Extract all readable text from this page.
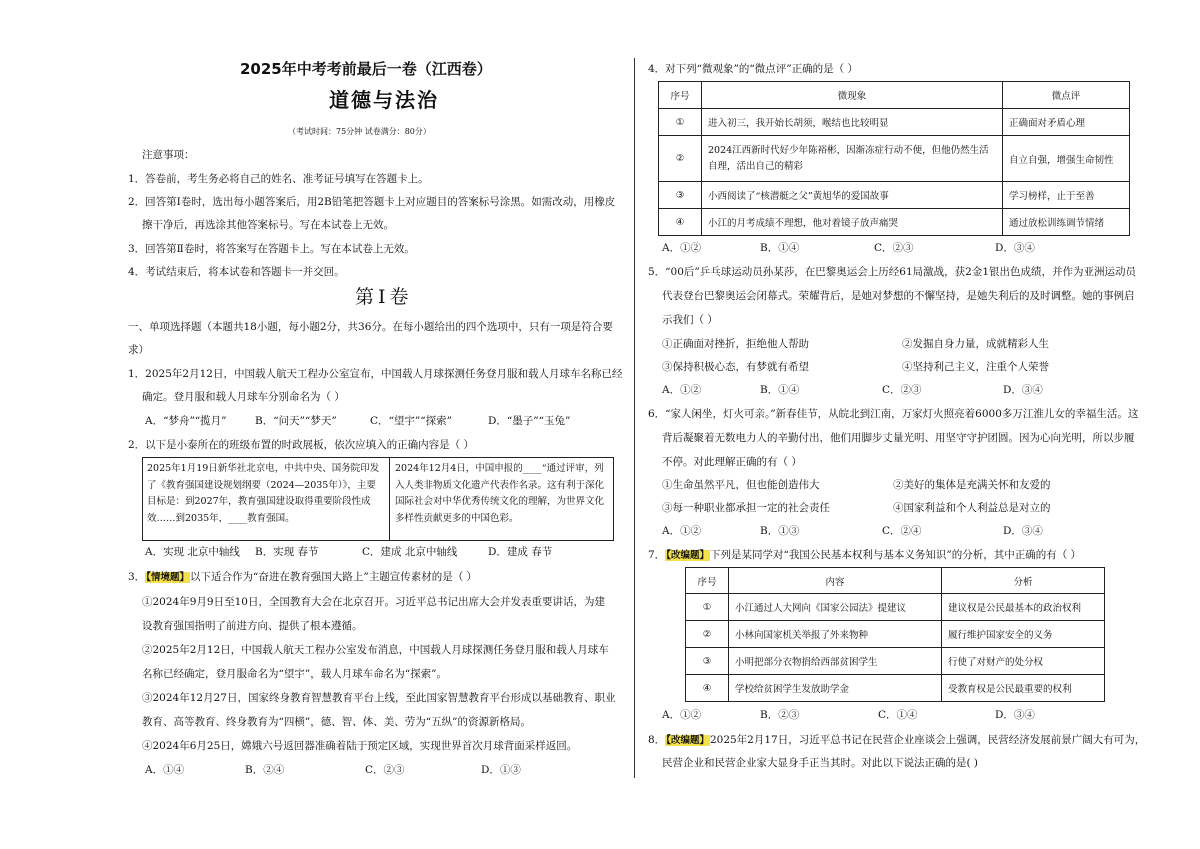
2025年中考考前最后一卷（江西卷）
道德与法治
（考试时间：75分钟 试卷满分：80分）
注意事项：
1．答卷前，考生务必将自己的姓名、准考证号填写在答题卡上。
2．回答第Ⅰ卷时，选出每小题答案后，用2B铅笔把答题卡上对应题目的答案标号涂黑。如需改动，用橡皮
擦干净后，再选涂其他答案标号。写在本试卷上无效。
3．回答第Ⅱ卷时，将答案写在答题卡上。写在本试卷上无效。
4．考试结束后，将本试卷和答题卡一并交回。
第Ⅰ卷
一、单项选择题（本题共18小题，每小题2分，共36分。在每小题给出的四个选项中，只有一项是符合要
求）
1．2025年2月12日，中国载人航天工程办公室宣布，中国载人月球探测任务登月服和载人月球车名称已经
确定。登月服和载人月球车分别命名为（ ）
A．“梦舟”“揽月”	B．“问天”“梦天”	C．“望宇”“探索”	D．“墨子”“玉兔”
2．以下是小泰所在的班级布置的时政展板，依次应填入的正确内容是（ ）
2025年1月19日新华社北京电，中共中央、国务院印发了《教育强国建设规划纲要（2024—2035年）》，主要目标是：到2027年，教育强国建设取得重要阶段性成效……到2035年，____教育强国。
2024年12月4日，中国申报的____“通过评审，列入人类非物质文化遗产代表作名录。这有利于深化国际社会对中华优秀传统文化的理解，为世界文化多样性贡献更多的中国色彩。
A．实现 北京中轴线 B．实现 春节	C．建成 北京中轴线	D．建成 春节
3．【情境题】以下适合作为“奋进在教育强国大路上”主题宣传素材的是（ ）
①2024年9月9日至10日，全国教育大会在北京召开。习近平总书记出席大会并发表重要讲话，为建
设教育强国指明了前进方向、提供了根本遵循。
②2025年2月12日，中国载人航天工程办公室发布消息，中国载人月球探测任务登月服和载人月球车
名称已经确定，登月服命名为“望宇”，载人月球车命名为“探索”。
③2024年12月27日，国家终身教育智慧教育平台上线，至此国家智慧教育平台形成以基础教育、职业
教育、高等教育、终身教育为“四横”，德、智、体、美、劳为“五纵”的资源新格局。
④2024年6月25日，嫦娥六号返回器准确着陆于预定区域，实现世界首次月球背面采样返回。
A．①④	B．②④	C．②③	D．①③
4．对下列“微观象”的“微点评”正确的是（ ）
序号	微现象	微点评
①	进入初三，我开始长胡须，喉结也比较明显	正确面对矛盾心理
②	2024江西新时代好少年陈裕彬，因渐冻症行动不便，但他仍然生活自理，活出自己的精彩	自立自强，增强生命韧性
③	小西阅读了“核潜艇之父”黄旭华的爱国故事	学习榜样，止于至善
④	小江的月考成绩不理想，他对着镜子放声痛哭	通过放松训练调节情绪
A．①②	B．①④	C．②③	D．③④
5．“00后”乒乓球运动员孙某莎，在巴黎奥运会上历经61局激战，获2金1银出色成绩，并作为亚洲运动员
代表登台巴黎奥运会闭幕式。荣耀背后，是她对梦想的不懈坚持，是她失利后的及时调整。她的事例启
示我们（ ）
①正确面对挫折，拒绝他人帮助	②发掘自身力量，成就精彩人生
③保持积极心态，有梦就有希望	④坚持利己主义，注重个人荣誉
A．①②	B．①④	C．②③	D．③④
6．“家人闲坐，灯火可亲。”新春佳节，从皖北到江南，万家灯火照亮着6000多万江淮儿女的幸福生活。这
背后凝聚着无数电力人的辛勤付出，他们用脚步丈量光明、用坚守守护团圆。因为心向光明，所以步履
不停。对此理解正确的有（ ）
①生命虽然平凡，但也能创造伟大	②美好的集体是充满关怀和友爱的
③每一种职业都承担一定的社会责任	④国家利益和个人利益总是对立的
A．①②	B．①③	C．②④	D．③④
7．【改编题】下列是某同学对“我国公民基本权利与基本义务知识”的分析，其中正确的有（ ）
序号	内容	分析
①	小江通过人大网向《国家公园法》提建议	建议权是公民最基本的政治权利
②	小林向国家机关举报了外来物种	履行维护国家安全的义务
③	小明把部分衣物捐给西部贫困学生	行使了对财产的处分权
④	学校给贫困学生发放助学金	受教育权是公民最重要的权利
A．①②	B．②③	C．①④	D．③④
8．【改编题】2025年2月17日，习近平总书记在民营企业座谈会上强调，民营经济发展前景广阔大有可为，
民营企业和民营企业家大显身手正当其时。对此以下说法正确的是( )
